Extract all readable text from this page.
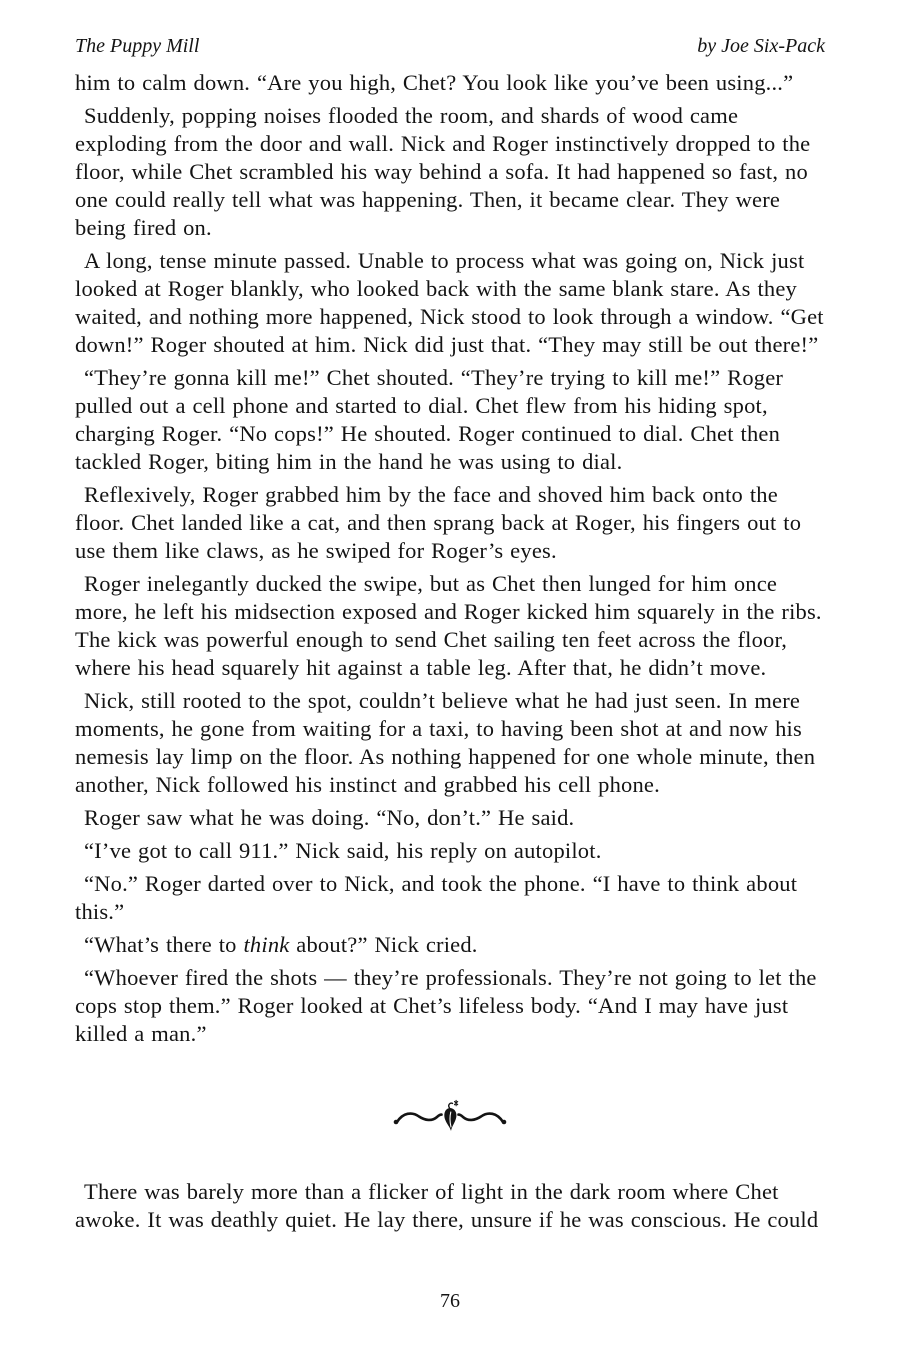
The Puppy Mill	by Joe Six-Pack

him to calm down. “Are you high, Chet? You look like you’ve been using...”

Suddenly, popping noises flooded the room, and shards of wood came exploding from the door and wall. Nick and Roger instinctively dropped to the floor, while Chet scrambled his way behind a sofa. It had happened so fast, no one could really tell what was happening. Then, it became clear. They were being fired on.

A long, tense minute passed. Unable to process what was going on, Nick just looked at Roger blankly, who looked back with the same blank stare. As they waited, and nothing more happened, Nick stood to look through a window. “Get down!” Roger shouted at him. Nick did just that. “They may still be out there!”

“They’re gonna kill me!” Chet shouted. “They’re trying to kill me!” Roger pulled out a cell phone and started to dial. Chet flew from his hiding spot, charging Roger. “No cops!” He shouted. Roger continued to dial. Chet then tackled Roger, biting him in the hand he was using to dial.

Reflexively, Roger grabbed him by the face and shoved him back onto the floor. Chet landed like a cat, and then sprang back at Roger, his fingers out to use them like claws, as he swiped for Roger’s eyes.

Roger inelegantly ducked the swipe, but as Chet then lunged for him once more, he left his midsection exposed and Roger kicked him squarely in the ribs. The kick was powerful enough to send Chet sailing ten feet across the floor, where his head squarely hit against a table leg. After that, he didn’t move.

Nick, still rooted to the spot, couldn’t believe what he had just seen. In mere moments, he gone from waiting for a taxi, to having been shot at and now his nemesis lay limp on the floor. As nothing happened for one whole minute, then another, Nick followed his instinct and grabbed his cell phone.

Roger saw what he was doing. “No, don’t.” He said.

“I’ve got to call 911.” Nick said, his reply on autopilot.

“No.” Roger darted over to Nick, and took the phone. “I have to think about this.”

“What’s there to think about?” Nick cried.

“Whoever fired the shots — they’re professionals. They’re not going to let the cops stop them.” Roger looked at Chet’s lifeless body. “And I may have just killed a man.”

There was barely more than a flicker of light in the dark room where Chet awoke. It was deathly quiet. He lay there, unsure if he was conscious. He could

76
